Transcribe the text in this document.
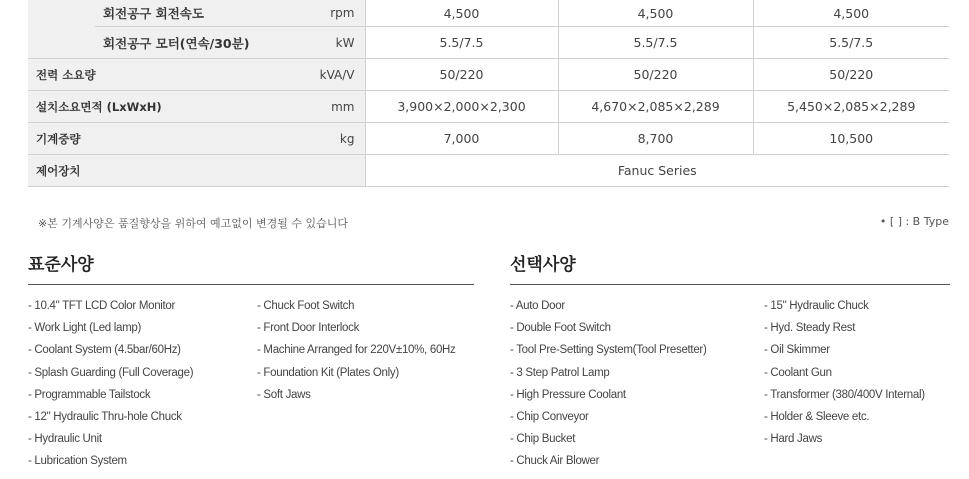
	회전공구 회전속도	rpm	4,500	4,500	4,500
	회전공구 모터(연속/30분)	kW	5.5/7.5	5.5/7.5	5.5/7.5
전력 소요량		kVA/V	50/220	50/220	50/220
설치소요면적 (LxWxH)		mm	3,900×2,000×2,300	4,670×2,085×2,289	5,450×2,085×2,289
기계중량		kg	7,000	8,700	10,500
제어장치			Fanuc Series		
※본 기계사양은 품질향상을 위하여 예고없이 변경될 수 있습니다	• [ ] : B Type
표준사양
- 10.4" TFT LCD Color Monitor
- Work Light (Led lamp)
- Coolant System (4.5bar/60Hz)
- Splash Guarding (Full Coverage)
- Programmable Tailstock
- 12" Hydraulic Thru-hole Chuck
- Hydraulic Unit
- Lubrication System
- Chuck Foot Switch
- Front Door Interlock
- Machine Arranged for 220V±10%, 60Hz
- Foundation Kit (Plates Only)
- Soft Jaws
선택사양
- Auto Door
- Double Foot Switch
- Tool Pre-Setting System(Tool Presetter)
- 3 Step Patrol Lamp
- High Pressure Coolant
- Chip Conveyor
- Chip Bucket
- Chuck Air Blower
- 15" Hydraulic Chuck
- Hyd. Steady Rest
- Oil Skimmer
- Coolant Gun
- Transformer (380/400V Internal)
- Holder & Sleeve etc.
- Hard Jaws
